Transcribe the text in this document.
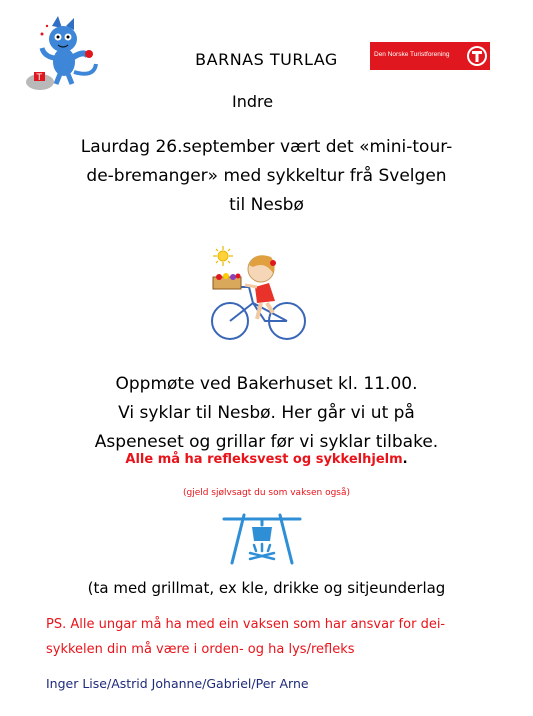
T
BARNAS TURLAG	Den Norske Turistforening
Indre
Laurdag 26.september vært det «mini-tour-
de-bremanger» med sykkeltur frå Svelgen
til Nesbø
Oppmøte ved Bakerhuset kl. 11.00.
Vi syklar til Nesbø. Her går vi ut på
Aspeneset og grillar før vi syklar tilbake.
Alle må ha refleksvest og sykkelhjelm.
(gjeld sjølvsagt du som vaksen også)
(ta med grillmat, ex kle, drikke og sitjeunderlag
PS. Alle ungar må ha med ein vaksen som har ansvar for dei-
sykkelen din må være i orden- og ha lys/refleks
Inger Lise/Astrid Johanne/Gabriel/Per Arne
